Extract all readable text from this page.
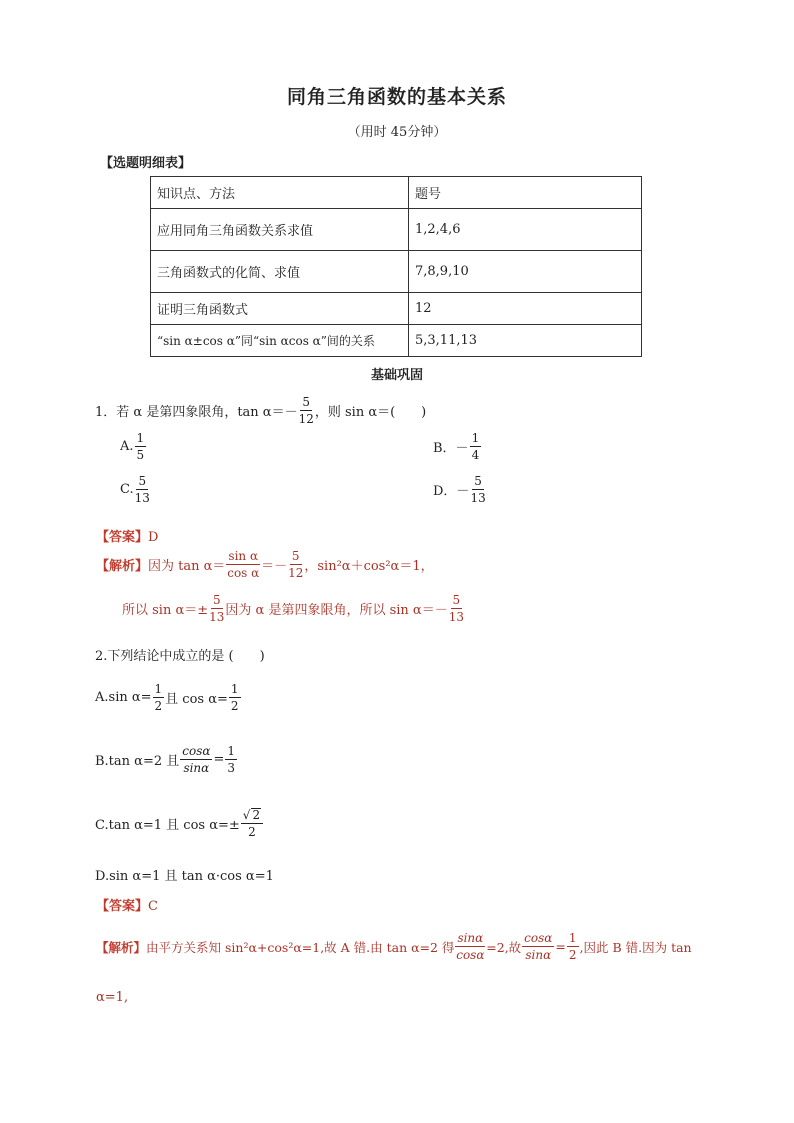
同角三角函数的基本关系
（用时 45分钟）
【选题明细表】
知识点、方法	题号
应用同角三角函数关系求值	1,2,4,6
三角函数式的化简、求值	7,8,9,10
证明三角函数式	12
“sin α±cos α”同“sin αcos α”间的关系	5,3,11,13
基础巩固
1．若 α 是第四象限角，$\tan \alpha=- \frac{5}{12}$ ，则 sin α＝(　　)
A. $\frac{1}{5}$	B．－ $\frac{1}{4}$
C. $\frac{5}{13}$	D．－ $\frac{5}{13}$
【答案】D
【解析】 因为 $\tan \alpha= \frac{\text{sin α}}{\text{cos α}} =- \frac{5}{12}$ ，sin²α＋cos²α＝1，
所以 $\sin \alpha=\pm \frac{5}{13}$ 因为 α 是第四象限角，所以 $\sin \alpha=- \frac{5}{13}$
2.下列结论中成立的是 (　　)
A.sin $\alpha= \frac{1}{2}$ 且 $\cos \alpha= \frac{1}{2}$
B.tan α=2 且 $\frac{\cos\alpha}{\sin\alpha} = \frac{1}{3}$
C.tan α=1 且 $\cos \alpha=\pm \frac{√ 2}{2}$
D.sin α=1 且 tan α·cos α=1
【答案】C
【解析】 由平方关系知 sin²α+cos²α=1,故 A 错.由 tan α=2 得 $\frac{\sin\alpha}{\cos\alpha} =2$,故 $\frac{\cos\alpha}{\sin\alpha} = \frac{1}{2}$ ,因此 B 错.因为 tan
α=1,
